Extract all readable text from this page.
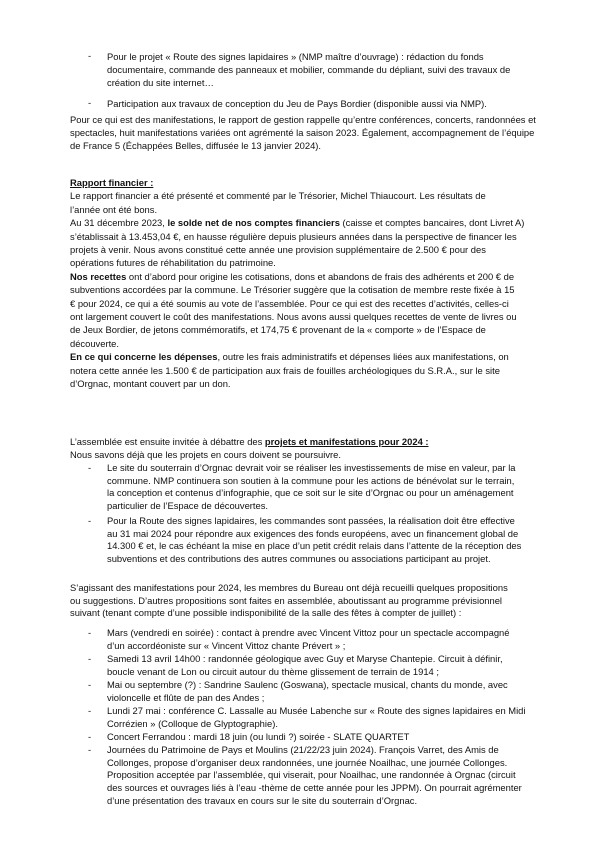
- Pour le projet « Route des signes lapidaires » (NMP maître d’ouvrage) : rédaction du fonds
documentaire, commande des panneaux et mobilier, commande du dépliant, suivi des travaux de
création du site internet…
- Participation aux travaux de conception du Jeu de Pays Bordier (disponible aussi via NMP).
Pour ce qui est des manifestations, le rapport de gestion rappelle qu’entre conférences, concerts, randonnées et
spectacles, huit manifestations variées ont agrémenté la saison 2023. Également, accompagnement de l’équipe
de France 5 (Échappées Belles, diffusée le 13 janvier 2024).
Rapport financier :
Le rapport financier a été présenté et commenté par le Trésorier, Michel Thiaucourt. Les résultats de
l’année ont été bons.
Au 31 décembre 2023, le solde net de nos comptes financiers (caisse et comptes bancaires, dont Livret A)
s’établissait à 13.453,04 €, en hausse régulière depuis plusieurs années dans la perspective de financer les
projets à venir. Nous avons constitué cette année une provision supplémentaire de 2.500 € pour des
opérations futures de réhabilitation du patrimoine.
Nos recettes ont d’abord pour origine les cotisations, dons et abandons de frais des adhérents et 200 € de
subventions accordées par la commune. Le Trésorier suggère que la cotisation de membre reste fixée à 15
€ pour 2024, ce qui a été soumis au vote de l’assemblée. Pour ce qui est des recettes d’activités, celles-ci
ont largement couvert le coût des manifestations. Nous avons aussi quelques recettes de vente de livres ou
de Jeux Bordier, de jetons commémoratifs, et 174,75 € provenant de la « comporte » de l’Espace de
découverte.
En ce qui concerne les dépenses, outre les frais administratifs et dépenses liées aux manifestations, on
notera cette année les 1.500 € de participation aux frais de fouilles archéologiques du S.R.A., sur le site
d’Orgnac, montant couvert par un don.
L’assemblée est ensuite invitée à débattre des projets et manifestations pour 2024 :
Nous savons déjà que les projets en cours doivent se poursuivre.
- Le site du souterrain d’Orgnac devrait voir se réaliser les investissements de mise en valeur, par la
commune. NMP continuera son soutien à la commune pour les actions de bénévolat sur le terrain,
la conception et contenus d’infographie, que ce soit sur le site d’Orgnac ou pour un aménagement
particulier de l’Espace de découvertes.
- Pour la Route des signes lapidaires, les commandes sont passées, la réalisation doit être effective
au 31 mai 2024 pour répondre aux exigences des fonds européens, avec un financement global de
14.300 € et, le cas échéant la mise en place d’un petit crédit relais dans l’attente de la réception des
subventions et des contributions des autres communes ou associations participant au projet.
S’agissant des manifestations pour 2024, les membres du Bureau ont déjà recueilli quelques propositions
ou suggestions. D’autres propositions sont faites en assemblée, aboutissant au programme prévisionnel
suivant (tenant compte d’une possible indisponibilité de la salle des fêtes à compter de juillet) :
- Mars (vendredi en soirée) : contact à prendre avec Vincent Vittoz pour un spectacle accompagné
d’un accordéoniste sur « Vincent Vittoz chante Prévert » ;
- Samedi 13 avril 14h00 : randonnée géologique avec Guy et Maryse Chantepie. Circuit à définir,
boucle venant de Lon ou circuit autour du thème glissement de terrain de 1914 ;
- Mai ou septembre (?) : Sandrine Saulenc (Goswana), spectacle musical, chants du monde, avec
violoncelle et flûte de pan des Andes ;
- Lundi 27 mai : conférence C. Lassalle au Musée Labenche sur « Route des signes lapidaires en Midi
Corrézien » (Colloque de Glyptographie).
- Concert Ferrandou : mardi 18 juin (ou lundi ?) soirée - SLATE QUARTET
- Journées du Patrimoine de Pays et Moulins (21/22/23 juin 2024). François Varret, des Amis de
Collonges, propose d’organiser deux randonnées, une journée Noailhac, une journée Collonges.
Proposition acceptée par l’assemblée, qui viserait, pour Noailhac, une randonnée à Orgnac (circuit
des sources et ouvrages liés à l’eau -thème de cette année pour les JPPM). On pourrait agrémenter
d’une présentation des travaux en cours sur le site du souterrain d’Orgnac.
